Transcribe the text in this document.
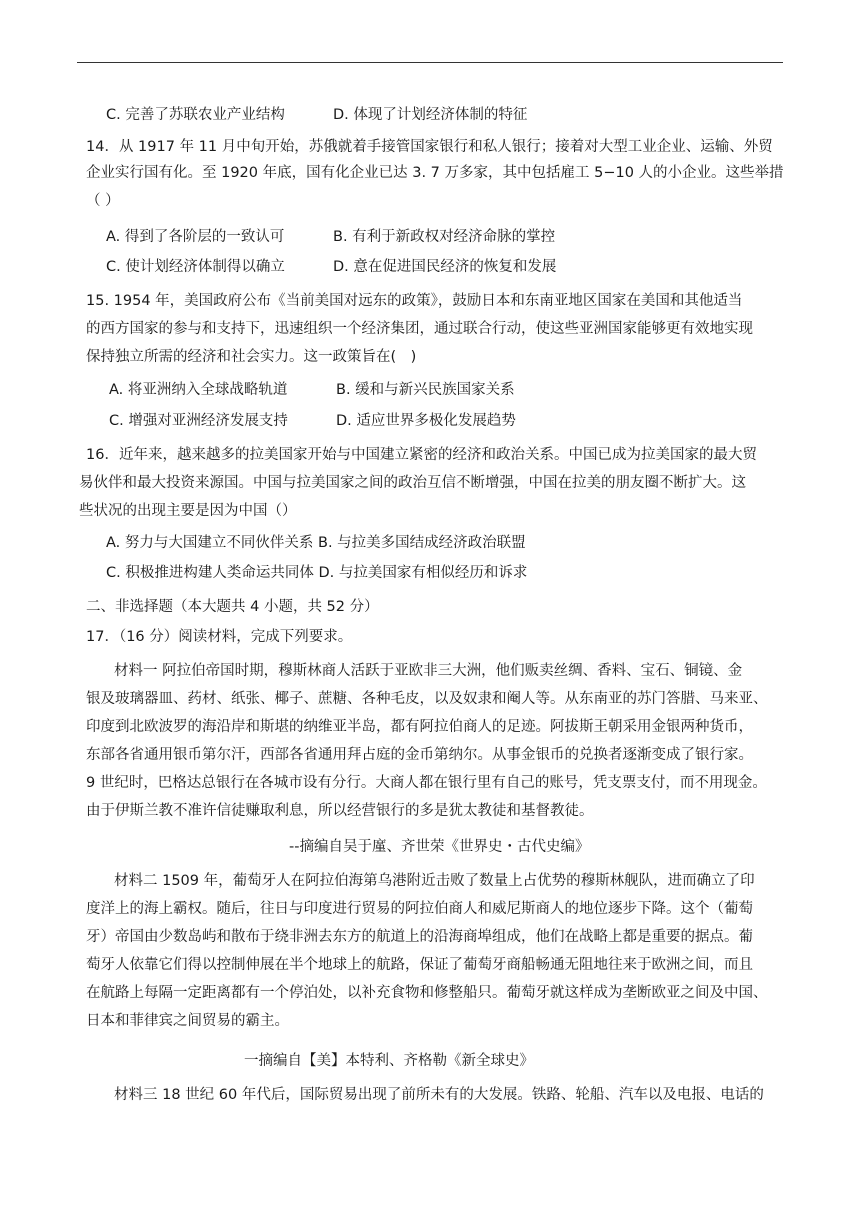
C. 完善了苏联农业产业结构	D. 体现了计划经济体制的特征
14．从 1917 年 11 月中旬开始，苏俄就着手接管国家银行和私人银行；接着对大型工业企业、运输、外贸
企业实行国有化。至 1920 年底，国有化企业已达 3. 7 万多家，其中包括雇工 5−10 人的小企业。这些举措
（ ）
A. 得到了各阶层的一致认可	B. 有利于新政权对经济命脉的掌控
C. 使计划经济体制得以确立	D. 意在促进国民经济的恢复和发展
15. 1954 年，美国政府公布《当前美国对远东的政策》，鼓励日本和东南亚地区国家在美国和其他适当
的西方国家的参与和支持下，迅速组织一个经济集团，通过联合行动，使这些亚洲国家能够更有效地实现
保持独立所需的经济和社会实力。这一政策旨在(　)
A. 将亚洲纳入全球战略轨道	B. 缓和与新兴民族国家关系
C. 增强对亚洲经济发展支持	D. 适应世界多极化发展趋势
16．近年来，越来越多的拉美国家开始与中国建立紧密的经济和政治关系。中国已成为拉美国家的最大贸
易伙伴和最大投资来源国。中国与拉美国家之间的政治互信不断增强，中国在拉美的朋友圈不断扩大。这
些状况的出现主要是因为中国（）
A. 努力与大国建立不同伙伴关系 B. 与拉美多国结成经济政治联盟
C. 积极推进构建人类命运共同体 D. 与拉美国家有相似经历和诉求
二、非选择题（本大题共 4 小题，共 52 分）
17．（16 分）阅读材料，完成下列要求。
材料一 阿拉伯帝国时期，穆斯林商人活跃于亚欧非三大洲，他们贩卖丝绸、香料、宝石、铜镜、金
银及玻璃器皿、药材、纸张、椰子、蔗糖、各种毛皮，以及奴隶和阉人等。从东南亚的苏门答腊、马来亚、
印度到北欧波罗的海沿岸和斯堪的纳维亚半岛，都有阿拉伯商人的足迹。阿拔斯王朝采用金银两种货币，
东部各省通用银币第尔汗，西部各省通用拜占庭的金币第纳尔。从事金银币的兑换者逐渐变成了银行家。
9 世纪时，巴格达总银行在各城市设有分行。大商人都在银行里有自己的账号，凭支票支付，而不用现金。
由于伊斯兰教不准许信徒赚取利息，所以经营银行的多是犹太教徒和基督教徒。
--摘编自吴于廑、齐世荣《世界史・古代史编》
材料二 1509 年，葡萄牙人在阿拉伯海第乌港附近击败了数量上占优势的穆斯林舰队，进而确立了印
度洋上的海上霸权。随后，往日与印度进行贸易的阿拉伯商人和威尼斯商人的地位逐步下降。这个（葡萄
牙）帝国由少数岛屿和散布于绕非洲去东方的航道上的沿海商埠组成，他们在战略上都是重要的据点。葡
萄牙人依靠它们得以控制伸展在半个地球上的航路，保证了葡萄牙商船畅通无阻地往来于欧洲之间，而且
在航路上每隔一定距离都有一个停泊处，以补充食物和修整船只。葡萄牙就这样成为垄断欧亚之间及中国、
日本和菲律宾之间贸易的霸主。
一摘编自【美】本特利、齐格勒《新全球史》
材料三 18 世纪 60 年代后，国际贸易出现了前所未有的大发展。铁路、轮船、汽车以及电报、电话的
